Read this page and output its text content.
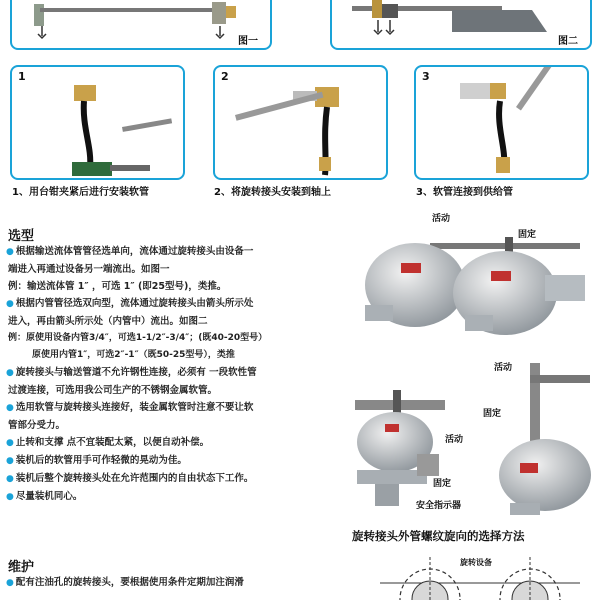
图一	图二
1
1、用台钳夹紧后进行安装软管
2
2、将旋转接头安装到轴上
3
3、软管连接到供给管
选型
● 根据输送流体管管径选单向，流体通过旋转接头由设备一
端进入再通过设备另一端流出。如图一
例：输送流体管 1″ ，可选 1″ (即25型号)，类推。
● 根据内管管径选双向型，流体通过旋转接头由箭头所示处
进入，再由箭头所示处（内管中）流出。如图二
例：原使用设备内管3/4″，可选1-1/2″-3/4″；(既40-20型号）
原使用内管1″，可选2″-1″（既50-25型号），类推
● 旋转接头与输送管道不允许钢性连接，必须有 一段软性管
过渡连接，可选用我公司生产的不锈钢金属软管。
● 选用软管与旋转接头连接好，装金属软管时注意不要让软
管部分受力。
● 止转和支撑 点不宜装配太紧，以便自动补偿。
● 装机后的软管用手可作轻微的晃动为佳。
● 装机后整个旋转接头处在允许范围内的自由状态下工作。
● 尽量装机同心。
维护
● 配有注油孔的旋转接头，要根据使用条件定期加注润滑
活动
固定
活动
固定
安全指示器
活动
固定
旋转接头外管螺纹旋向的选择方法
旋转设备
